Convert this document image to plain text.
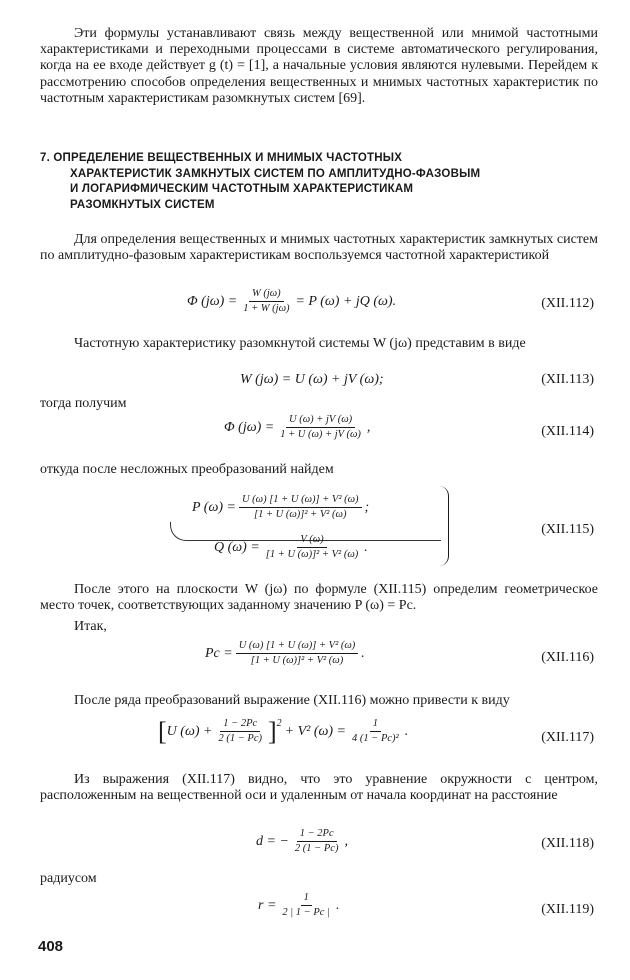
Эти формулы устанавливают связь между вещественной или мнимой частотными характеристиками и переходными процессами в системе автоматического регулирования, когда на ее входе действует g (t) = [1], а начальные условия являются нулевыми. Перейдем к рассмотрению способов определения вещественных и мнимых частотных характеристик по частотным характеристикам разомкнутых систем [69].

7. ОПРЕДЕЛЕНИЕ ВЕЩЕСТВЕННЫХ И МНИМЫХ ЧАСТОТНЫХ
ХАРАКТЕРИСТИК ЗАМКНУТЫХ СИСТЕМ ПО АМПЛИТУДНО-ФАЗОВЫМ
И ЛОГАРИФМИЧЕСКИМ ЧАСТОТНЫМ ХАРАКТЕРИСТИКАМ
РАЗОМКНУТЫХ СИСТЕМ

Для определения вещественных и мнимых частотных характеристик замкнутых систем по амплитудно-фазовым характеристикам воспользуемся частотной характеристикой

Φ $(j\omega) = \frac{W (j\omega)}{1 + W (j\omega)} = P$ (ω) + jQ (ω).	(XII.112)

Частотную характеристику разомкнутой системы W (jω) представим в виде

W (jω) = U (ω) + jV (ω);	(XII.113)

тогда получим

Φ $(j\omega) = \frac{U (\omega) + jV (\omega)}{1 + U (\omega) + jV (\omega)}$ ,	(XII.114)

откуда после несложных преобразований найдем

P $(\omega) = \frac{\text{U (ω) [1 + U (ω)] + V² (ω)}}{\text{[1 + U (ω)]² + V² (ω)}}$ ;
Q $(\omega) = \frac{V (\omega)}{\text{[1 + U (ω)]² + V² (ω)}}$ .
(XII.115)

После этого на плоскости W (jω) по формуле (XII.115) определим геометрическое место точек, соответствующих заданному значению P (ω) = Pc.

Итак,

$Pc = \frac{\text{U (ω) [1 + U (ω)] + V² (ω)}}{\text{[1 + U (ω)]² + V² (ω)}}$ .	(XII.116)

После ряда преобразований выражение (XII.116) можно привести к виду

[ U $(\omega) + \frac{1 - 2Pc}{2 (1 - Pc)} ]^2 + V^2$ $(\omega) = \frac{1}{\text{4 (1 − Pc)²}}$ .	(XII.117)

Из выражения (XII.117) видно, что это уравнение окружности с центром, расположенным на вещественной оси и удаленным от начала координат на расстояние

d = − $\frac{1 - 2Pc}{2 (1 - Pc)}$ ,	(XII.118)

радиусом

$r = \frac{1}{2 | 1 - Pc |}$ .	(XII.119)
408
